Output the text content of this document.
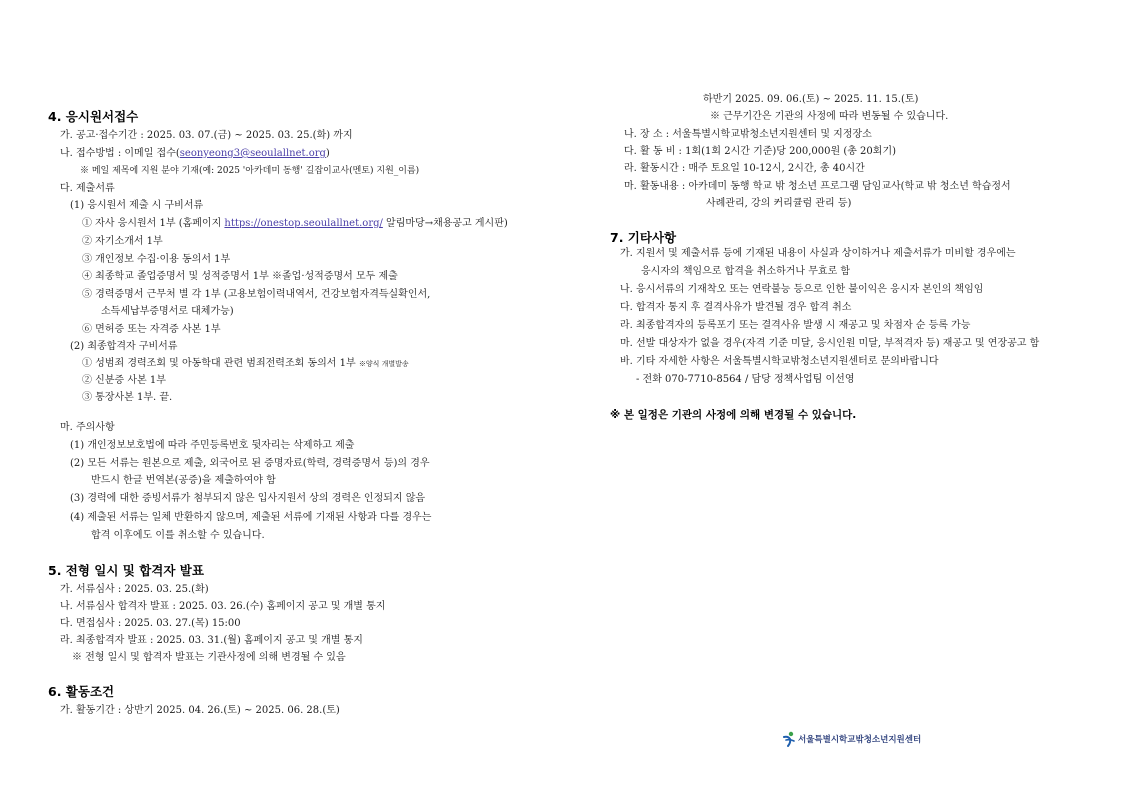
4. 응시원서접수
가. 공고·접수기간 : 2025. 03. 07.(금) ~ 2025. 03. 25.(화) 까지
나. 접수방법 : 이메일 접수(seonyeong3@seoulallnet.org)
※ 메일 제목에 지원 분야 기재(예: 2025 '아카데미 동행' 길잡이교사(멘토) 지원_이름)
다. 제출서류
(1) 응시원서 제출 시 구비서류
① 자사 응시원서 1부 (홈페이지 https://onestop.seoulallnet.org/ 알림마당→채용공고 게시판)
② 자기소개서 1부
③ 개인정보 수집·이용 동의서 1부
④ 최종학교 졸업증명서 및 성적증명서 1부 ※졸업·성적증명서 모두 제출
⑤ 경력증명서 근무처 별 각 1부 (고용보험이력내역서, 건강보험자격득실확인서,
소득세납부증명서로 대체가능)
⑥ 면허증 또는 자격증 사본 1부
(2) 최종합격자 구비서류
① 성범죄 경력조회 및 아동학대 관련 범죄전력조회 동의서 1부 ※양식 개별발송
② 신분증 사본 1부
③ 통장사본 1부. 끝.
마. 주의사항
(1) 개인정보보호법에 따라 주민등록번호 뒷자리는 삭제하고 제출
(2) 모든 서류는 원본으로 제출, 외국어로 된 증명자료(학력, 경력증명서 등)의 경우
반드시 한글 번역본(공증)을 제출하여야 함
(3) 경력에 대한 증빙서류가 첨부되지 않은 입사지원서 상의 경력은 인정되지 않음
(4) 제출된 서류는 일체 반환하지 않으며, 제출된 서류에 기재된 사항과 다를 경우는
합격 이후에도 이를 취소할 수 있습니다.
5. 전형 일시 및 합격자 발표
가. 서류심사 : 2025. 03. 25.(화)
나. 서류심사 합격자 발표 : 2025. 03. 26.(수) 홈페이지 공고 및 개별 통지
다. 면접심사 : 2025. 03. 27.(목) 15:00
라. 최종합격자 발표 : 2025. 03. 31.(월) 홈페이지 공고 및 개별 통지
※ 전형 일시 및 합격자 발표는 기관사정에 의해 변경될 수 있음
6. 활동조건
가. 활동기간 : 상반기 2025. 04. 26.(토) ~ 2025. 06. 28.(토)
하반기 2025. 09. 06.(토) ~ 2025. 11. 15.(토)
※ 근무기간은 기관의 사정에 따라 변동될 수 있습니다.
나. 장 소 : 서울특별시학교밖청소년지원센터 및 지정장소
다. 활 동 비 : 1회(1회 2시간 기준)당 200,000원 (총 20회기)
라. 활동시간 : 매주 토요일 10-12시, 2시간, 총 40시간
마. 활동내용 : 아카데미 동행 학교 밖 청소년 프로그램 담임교사(학교 밖 청소년 학습정서
사례관리, 강의 커리큘럼 관리 등)
7. 기타사항
가. 지원서 및 제출서류 등에 기재된 내용이 사실과 상이하거나 제출서류가 미비할 경우에는
응시자의 책임으로 합격을 취소하거나 무효로 함
나. 응시서류의 기재착오 또는 연락불능 등으로 인한 불이익은 응시자 본인의 책임임
다. 합격자 통지 후 결격사유가 발견될 경우 합격 취소
라. 최종합격자의 등록포기 또는 결격사유 발생 시 재공고 및 차점자 순 등록 가능
마. 선발 대상자가 없을 경우(자격 기준 미달, 응시인원 미달, 부적격자 등) 재공고 및 연장공고 함
바. 기타 자세한 사항은 서울특별시학교밖청소년지원센터로 문의바랍니다
- 전화 070-7710-8564 / 담당 정책사업팀 이선영
※ 본 일정은 기관의 사정에 의해 변경될 수 있습니다.
서울특별시학교밖청소년지원센터
